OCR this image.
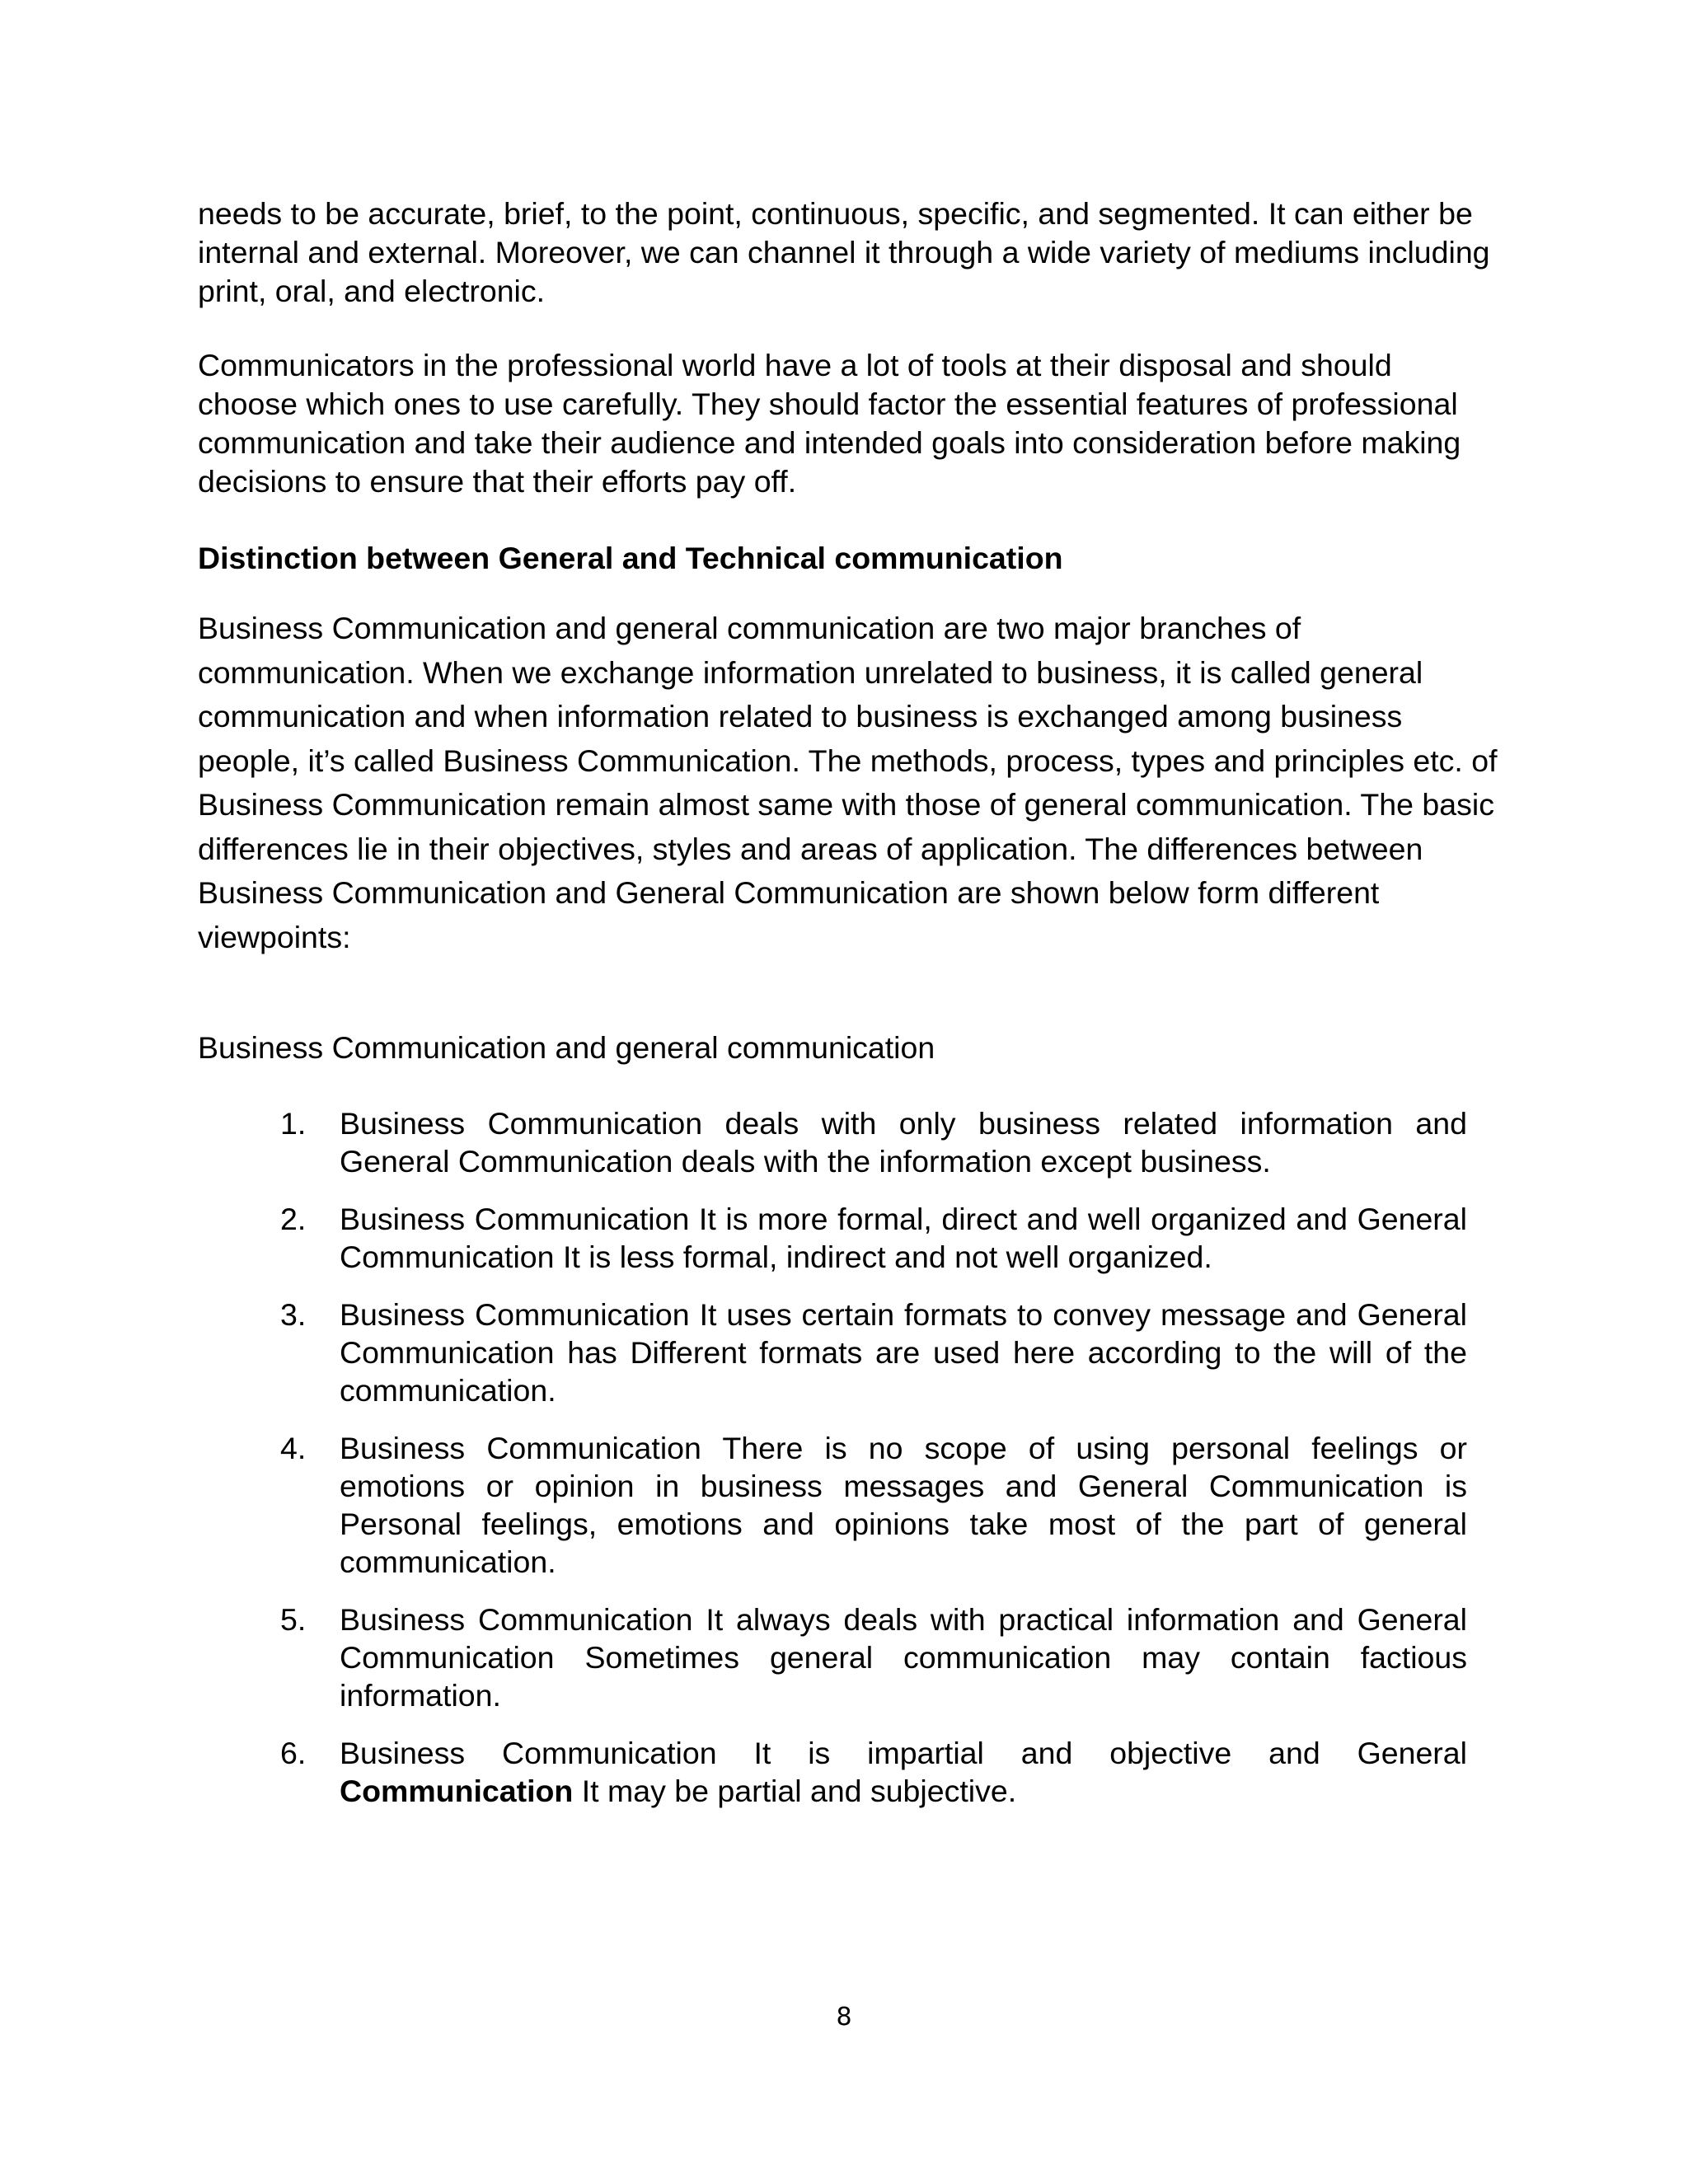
needs to be accurate, brief, to the point, continuous, specific, and segmented. It can either be internal and external. Moreover, we can channel it through a wide variety of mediums including print, oral, and electronic.

Communicators in the professional world have a lot of tools at their disposal and should choose which ones to use carefully. They should factor the essential features of professional communication and take their audience and intended goals into consideration before making decisions to ensure that their efforts pay off.

Distinction between General and Technical communication

Business Communication and general communication are two major branches of communication. When we exchange information unrelated to business, it is called general communication and when information related to business is exchanged among business people, it’s called Business Communication. The methods, process, types and principles etc. of Business Communication remain almost same with those of general communication. The basic differences lie in their objectives, styles and areas of application. The differences between Business Communication and General Communication are shown below form different viewpoints:

Business Communication and general communication

1.	Business Communication deals with only business related information and General Communication deals with the information except business.
2.	Business Communication It is more formal, direct and well organized and General Communication It is less formal, indirect and not well organized.
3.	Business Communication It uses certain formats to convey message and General Communication has Different formats are used here according to the will of the communication.
4.	Business Communication There is no scope of using personal feelings or emotions or opinion in business messages and General Communication is Personal feelings, emotions and opinions take most of the part of general communication.
5.	Business Communication It always deals with practical information and General Communication Sometimes general communication may contain factious information.
6.	Business Communication It is impartial and objective and General Communication It may be partial and subjective.
8
